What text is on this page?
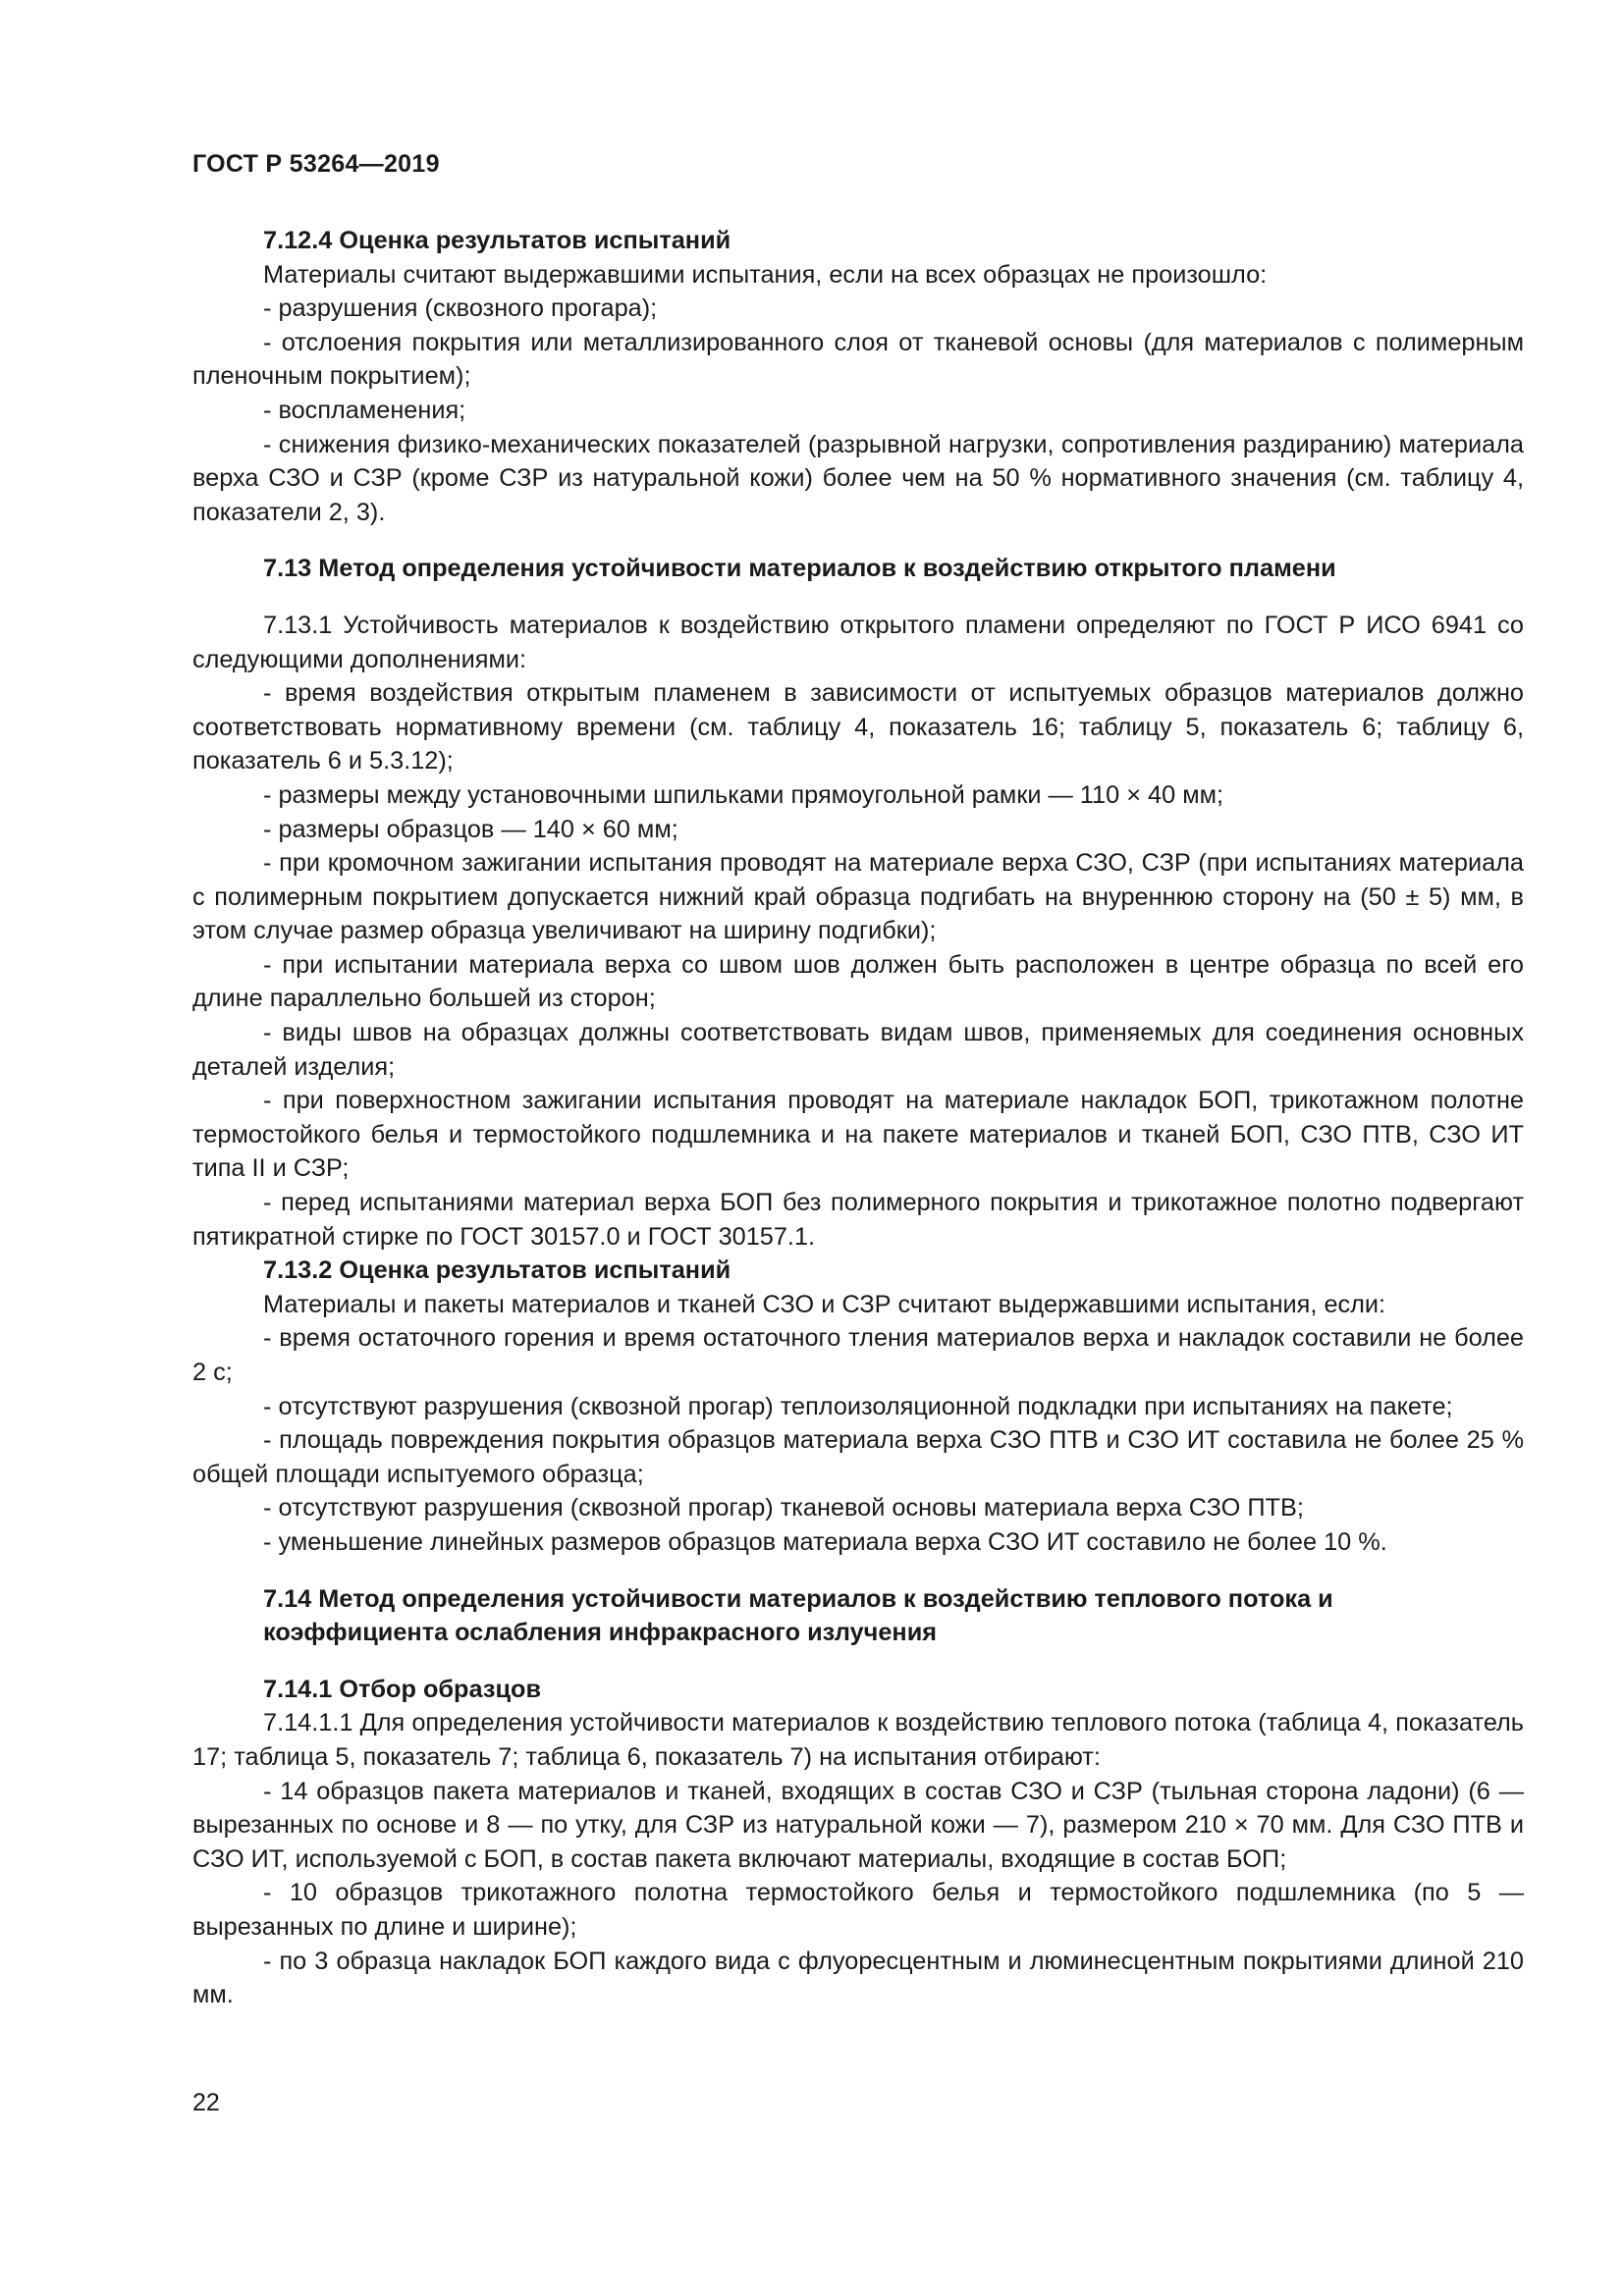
ГОСТ Р 53264—2019

7.12.4 Оценка результатов испытаний

Материалы считают выдержавшими испытания, если на всех образцах не произошло:

- разрушения (сквозного прогара);

- отслоения покрытия или металлизированного слоя от тканевой основы (для материалов с полимерным пленочным покрытием);

- воспламенения;

- снижения физико-механических показателей (разрывной нагрузки, сопротивления раздиранию) материала верха СЗО и СЗР (кроме СЗР из натуральной кожи) более чем на 50 % нормативного значения (см. таблицу 4, показатели 2, 3).

7.13 Метод определения устойчивости материалов к воздействию открытого пламени

7.13.1 Устойчивость материалов к воздействию открытого пламени определяют по ГОСТ Р ИСО 6941 со следующими дополнениями:

- время воздействия открытым пламенем в зависимости от испытуемых образцов материалов должно соответствовать нормативному времени (см. таблицу 4, показатель 16; таблицу 5, показатель 6; таблицу 6, показатель 6 и 5.3.12);

- размеры между установочными шпильками прямоугольной рамки — 110 × 40 мм;

- размеры образцов — 140 × 60 мм;

- при кромочном зажигании испытания проводят на материале верха СЗО, СЗР (при испытаниях материала с полимерным покрытием допускается нижний край образца подгибать на внуреннюю сторону на (50 ± 5) мм, в этом случае размер образца увеличивают на ширину подгибки);

- при испытании материала верха со швом шов должен быть расположен в центре образца по всей его длине параллельно большей из сторон;

- виды швов на образцах должны соответствовать видам швов, применяемых для соединения основных деталей изделия;

- при поверхностном зажигании испытания проводят на материале накладок БОП, трикотажном полотне термостойкого белья и термостойкого подшлемника и на пакете материалов и тканей БОП, СЗО ПТВ, СЗО ИТ типа II и СЗР;

- перед испытаниями материал верха БОП без полимерного покрытия и трикотажное полотно подвергают пятикратной стирке по ГОСТ 30157.0 и ГОСТ 30157.1.

7.13.2 Оценка результатов испытаний

Материалы и пакеты материалов и тканей СЗО и СЗР считают выдержавшими испытания, если:

- время остаточного горения и время остаточного тления материалов верха и накладок составили не более 2 с;

- отсутствуют разрушения (сквозной прогар) теплоизоляционной подкладки при испытаниях на пакете;

- площадь повреждения покрытия образцов материала верха СЗО ПТВ и СЗО ИТ составила не более 25 % общей площади испытуемого образца;

- отсутствуют разрушения (сквозной прогар) тканевой основы материала верха СЗО ПТВ;

- уменьшение линейных размеров образцов материала верха СЗО ИТ составило не более 10 %.

7.14 Метод определения устойчивости материалов к воздействию теплового потока и коэффициента ослабления инфракрасного излучения

7.14.1 Отбор образцов

7.14.1.1 Для определения устойчивости материалов к воздействию теплового потока (таблица 4, показатель 17; таблица 5, показатель 7; таблица 6, показатель 7) на испытания отбирают:

- 14 образцов пакета материалов и тканей, входящих в состав СЗО и СЗР (тыльная сторона ладони) (6 — вырезанных по основе и 8 — по утку, для СЗР из натуральной кожи — 7), размером 210 × 70 мм. Для СЗО ПТВ и СЗО ИТ, используемой с БОП, в состав пакета включают материалы, входящие в состав БОП;

- 10 образцов трикотажного полотна термостойкого белья и термостойкого подшлемника (по 5 — вырезанных по длине и ширине);

- по 3 образца накладок БОП каждого вида с флуоресцентным и люминесцентным покрытиями длиной 210 мм.

22
